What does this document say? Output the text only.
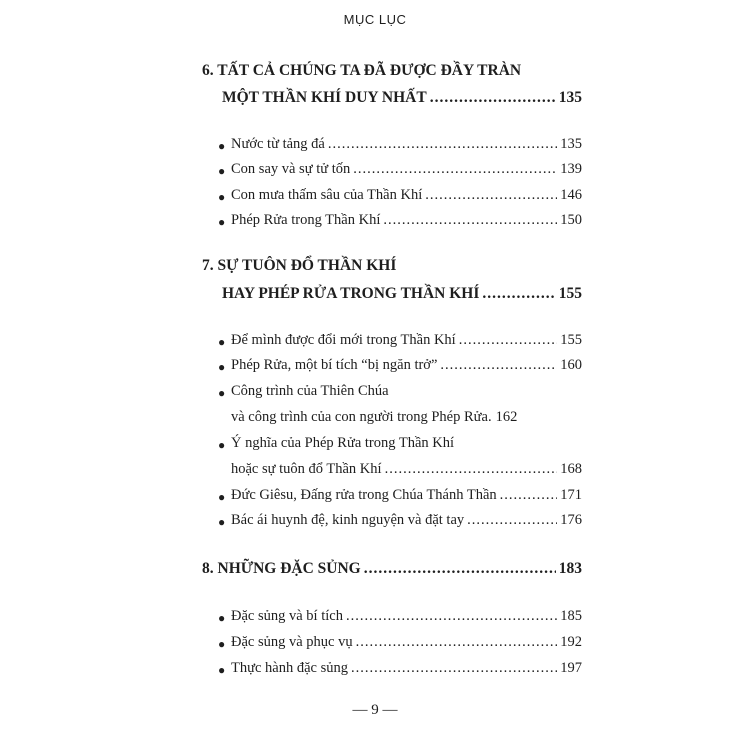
MỤC LỤC
6. TẤT CẢ CHÚNG TA ĐÃ ĐƯỢC ĐẦY TRÀN
MỘT THẦN KHÍ DUY NHẤT .....	135
● Nước từ tảng đá .....	135
● Con say và sự tử tốn .....	139
● Con mưa thấm sâu của Thần Khí .....	146
● Phép Rửa trong Thần Khí .....	150
7. SỰ TUÔN ĐỔ THẦN KHÍ
HAY PHÉP RỬA TRONG THẦN KHÍ .....	155
● Để mình được đổi mới trong Thần Khí .....	155
● Phép Rửa, một bí tích “bị ngăn trở” .....	160
● Công trình của Thiên Chúa
và công trình của con người trong Phép Rửa. 162
● Ý nghĩa của Phép Rửa trong Thần Khí
hoặc sự tuôn đổ Thần Khí .....	168
● Đức Giêsu, Đấng rửa trong Chúa Thánh Thần .....	171
● Bác ái huynh đệ, kinh nguyện và đặt tay .....	176
8. NHỮNG ĐẶC SỦNG .....	183
● Đặc sủng và bí tích .....	185
● Đặc sủng và phục vụ .....	192
● Thực hành đặc sủng .....	197
— 9 —
